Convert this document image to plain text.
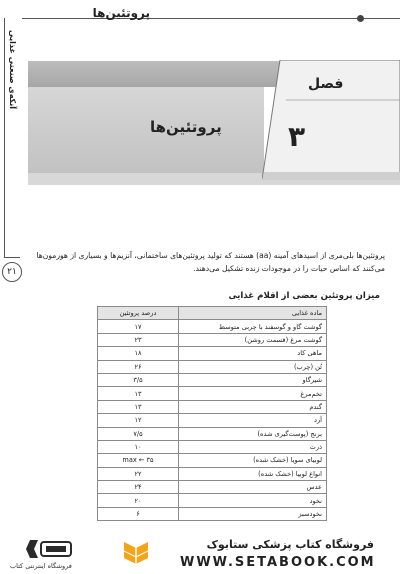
پروتئین‌ها
آنکه‌ی صنعتی غذایی
۲۱
پروتئین‌ها
فصل
۳
پروتئین‌ها بلی‌مری از اسیدهای آمینه (aa) هستند که تولید پروتئین‌های ساختمانی، آنزیم‌ها و بسیاری از هورمون‌ها
می‌کنند که اساس حیات را در موجودات زنده تشکیل می‌دهند.
میزان پروتئین بعضی از اقلام غذایی
ماده غذایی	درصد پروتئین
گوشت گاو و گوسفند با چربی متوسط	۱۷
گوشت مرغ (قسمت روشن)	۲۳
ماهی کاد	۱۸
تُن (چرب)	۲۶
شیرگاو	۳/۵
تخم‌مرغ	۱۳
گندم	۱۳
آرد	۱۲
برنج (پوست‌گیری شده)	۷/۵
ذرت	۱۰
لوبیای سویا (خشک شده)	max ← ۳۵
انواع لوبیا (خشک شده)	۲۲
عدس	۲۴
نخود	۲۰
نخودسبز	۶
فروشگاه اینترنتی کتاب
فروشگاه کتاب پزشکی ستابوک
WWW.SETABOOK.COM
